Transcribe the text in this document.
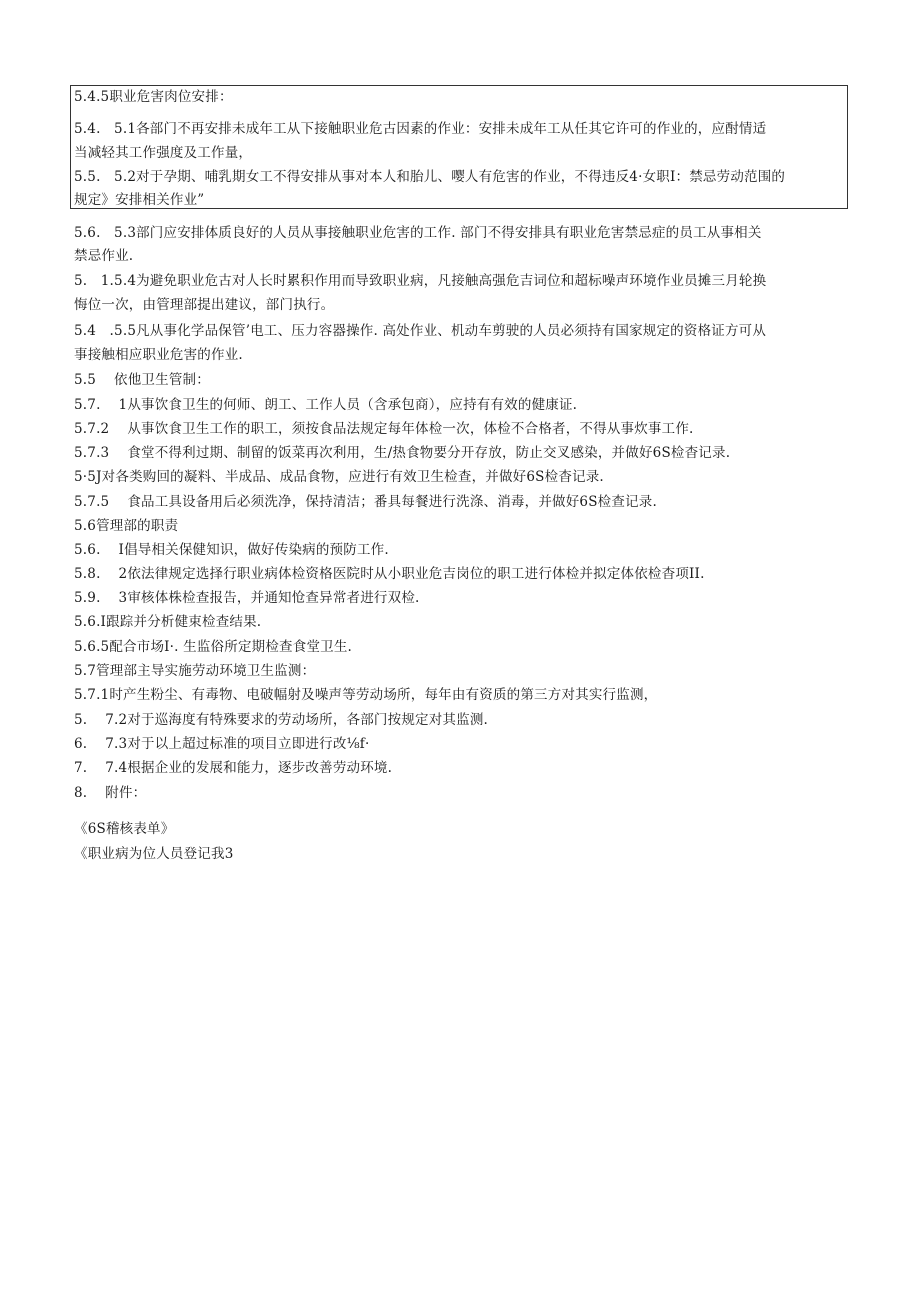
5.4.5职业危害肉位安排：
5.4.   5.1各部门不再安排未成年工从下接触职业危古因素的作业：安排未成年工从任其它许可的作业的，应酎情适
当减轻其工作强度及工作量，
5.5.   5.2对于孕期、哺乳期女工不得安排从事对本人和胎儿、嘤人有危害的作业，不得违反4·女职I：禁忌劳动范围的
规定》安排相关作业”
5.6.   5.3部门应安排体质良好的人员从事接触职业危害的工作. 部门不得安排具有职业危害禁忌症的员工从事相关
禁忌作业.
5.   1.5.4为避免职业危古对人长时累积作用而导致职业病，凡接触高强危吉词位和超标噪声环境作业员摊三月轮换
悔位一次，由管理部提出建议，部门执行。
5.4   .5.5凡从事化学品保管’电工、压力容器操作. 高处作业、机动车剪驶的人员必须持有国家规定的资格证方可从
事接触相应职业危害的作业.
5.5    依他卫生管制：
5.7.    1从事饮食卫生的何师、朗工、工作人员（含承包商），应持有有效的健康证.
5.7.2    从事饮食卫生工作的职工，须按食品法规定每年体检一次，体检不合格者，不得从事炊事工作.
5.7.3    食堂不得利过期、制留的饭菜再次利用，生/热食物要分开存放，防止交叉感染，并做好6S检杳记录.
5·5J对各类购回的凝料、半成品、成品食物，应进行有效卫生检查，并做好6S检杳记录.
5.7.5    食品工具设备用后必须洗净，保持清洁；番具每餐进行洗涤、消毒，并做好6S检查记录.
5.6管理部的职责
5.6.    I倡导相关保健知识，做好传染病的预防工作.
5.8.    2依法律规定选择行职业病体检资格医院时从小职业危吉岗位的职工进行体检并拟定体依检杳项II.
5.9.    3审核体株检查报告，并通知怆查异常者进行双检.
5.6.I跟踪并分析健束检查结果.
5.6.5配合市场I·. 生监俗所定期检查食堂卫生.
5.7管理部主导实施劳动环境卫生监测：
5.7.1时产生粉尘、有毒物、电破幅射及噪声等劳动场所，每年由有资质的第三方对其实行监测，
5.    7.2对于巡海度有特殊要求的劳动场所，各部门按规定对其监测.
6.    7.3对于以上超过标准的项目立即进行改⅛f·
7.    7.4根据企业的发展和能力，逐步改善劳动环境.
8.    附件：
《6S稽核表单》
《职业病为位人员登记我3
